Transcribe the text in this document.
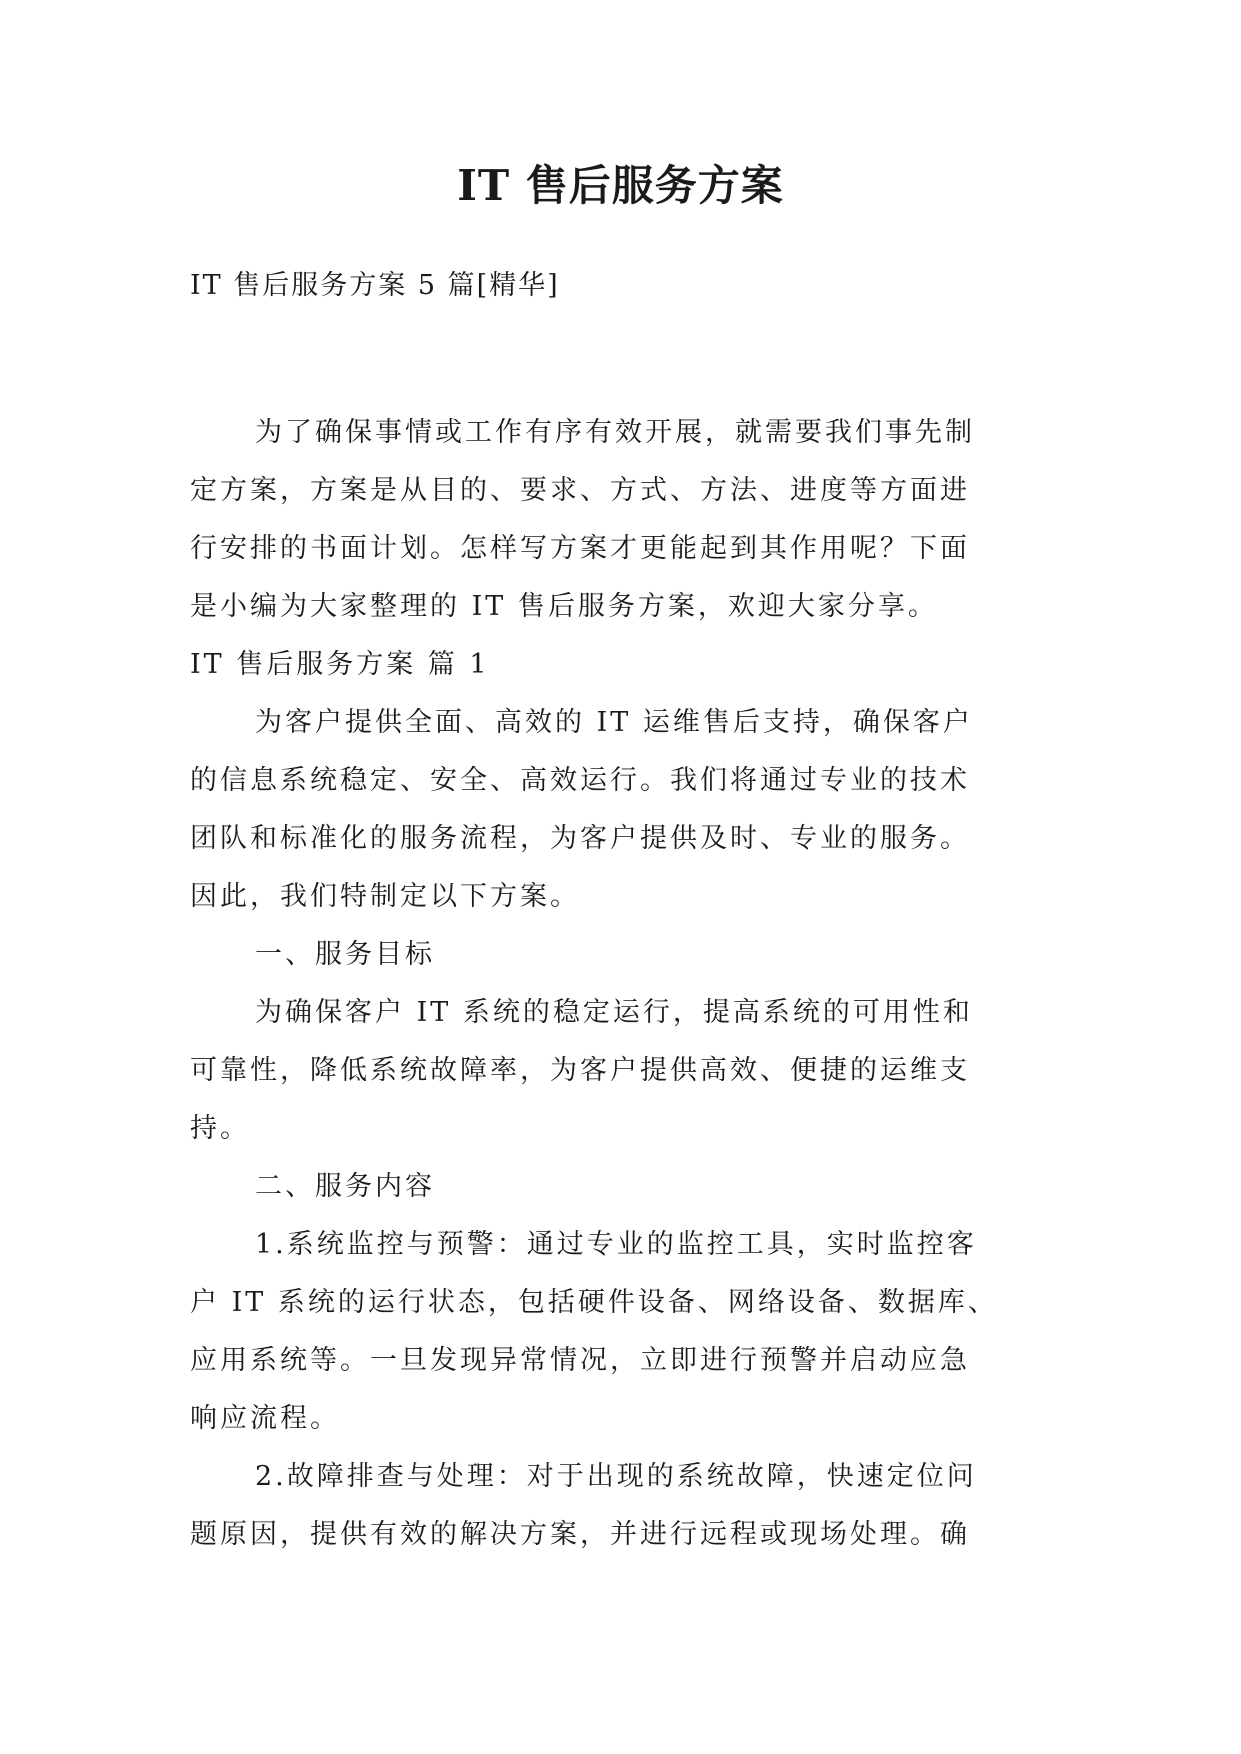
IT 售后服务方案

IT 售后服务方案 5 篇[精华]

为了确保事情或工作有序有效开展，就需要我们事先制

定方案，方案是从目的、要求、方式、方法、进度等方面进

行安排的书面计划。怎样写方案才更能起到其作用呢？下面

是小编为大家整理的 IT 售后服务方案，欢迎大家分享。

IT 售后服务方案 篇 1

为客户提供全面、高效的 IT 运维售后支持，确保客户

的信息系统稳定、安全、高效运行。我们将通过专业的技术

团队和标准化的服务流程，为客户提供及时、专业的服务。

因此，我们特制定以下方案。

一、服务目标

为确保客户 IT 系统的稳定运行，提高系统的可用性和

可靠性，降低系统故障率，为客户提供高效、便捷的运维支

持。

二、服务内容

1.系统监控与预警：通过专业的监控工具，实时监控客

户 IT 系统的运行状态，包括硬件设备、网络设备、数据库、

应用系统等。一旦发现异常情况，立即进行预警并启动应急

响应流程。

2.故障排查与处理：对于出现的系统故障，快速定位问

题原因，提供有效的解决方案，并进行远程或现场处理。确
